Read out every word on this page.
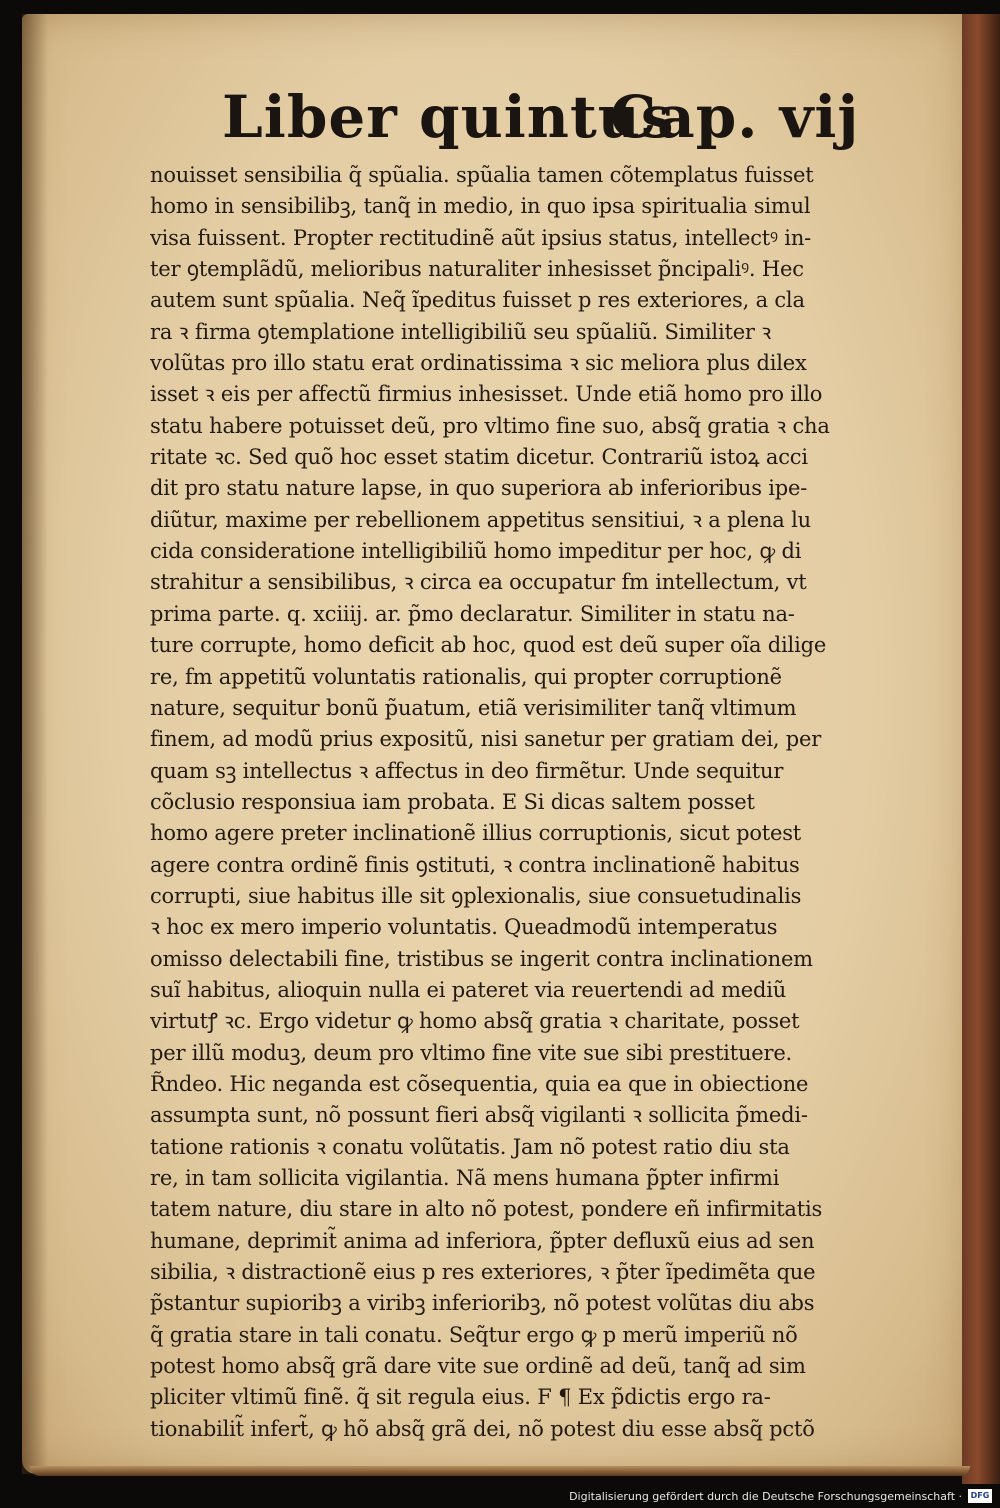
Liber quintus
Cap. vij
nouisset sensibilia q̃ spũalia. spũalia tamen cõtemplatus fuisset
homo in sensibilibꝫ, tanq̃ in medio, in quo ipsa spiritualia simul
visa fuissent. Propter rectitudinẽ aũt ipsius status, intellectꝰ in‑
ter ꝯtemplãdũ, melioribus naturaliter inhesisset p̃ncipaliꝰ. Hec
autem sunt spũalia. Neq̃ ĩpeditus fuisset p res exteriores, a cla
ra ꝛ firma ꝯtemplatione intelligibiliũ seu spũaliũ. Similiter ꝛ
volũtas pro illo statu erat ordinatissima ꝛ sic meliora plus dilex
isset ꝛ eis per affectũ firmius inhesisset. Unde etiã homo pro illo
statu habere potuisset deũ, pro vltimo fine suo, absq̃ gratia ꝛ cha
ritate ꝛc. Sed quõ hoc esset statim dicetur. Contrariũ istoꝝ acci
dit pro statu nature lapse, in quo superiora ab inferioribus ipe‑
diũtur, maxime per rebellionem appetitus sensitiui, ꝛ a plena lu
cida consideratione intelligibiliũ homo impeditur per hoc, ꝙ di
strahitur a sensibilibus, ꝛ circa ea occupatur fm intellectum, vt
prima parte. q. xciiij. ar. p̃mo declaratur. Similiter in statu na‑
ture corrupte, homo deficit ab hoc, quod est deũ super oĩa dilige
re, fm appetitũ voluntatis rationalis, qui propter corruptionẽ
nature, sequitur bonũ p̃uatum, etiã verisimiliter tanq̃ vltimum
finem, ad modũ prius expositũ, nisi sanetur per gratiam dei, per
quam sꝫ intellectus ꝛ affectus in deo firmẽtur. Unde sequitur
cõclusio responsiua iam probata. E Si dicas saltem posset
homo agere preter inclinationẽ illius corruptionis, sicut potest
agere contra ordinẽ finis ꝯstituti, ꝛ contra inclinationẽ habitus
corrupti, siue habitus ille sit ꝯplexionalis, siue consuetudinalis
ꝛ hoc ex mero imperio voluntatis. Queadmodũ intemperatus
omisso delectabili fine, tristibus se ingerit contra inclinationem
suĩ habitus, alioquin nulla ei pateret via reuertendi ad mediũ
virtutꝭ ꝛc. Ergo videtur ꝙ homo absq̃ gratia ꝛ charitate, posset
per illũ moduꝫ, deum pro vltimo fine vite sue sibi prestituere.
R̃ndeo. Hic neganda est cõsequentia, quia ea que in obiectione
assumpta sunt, nõ possunt fieri absq̃ vigilanti ꝛ sollicita p̃medi‑
tatione rationis ꝛ conatu volũtatis. Jam nõ potest ratio diu sta
re, in tam sollicita vigilantia. Nã mens humana p̃pter infirmi
tatem nature, diu stare in alto nõ potest, pondere eñ infirmitatis
humane, deprimit̃ anima ad inferiora, p̃pter defluxũ eius ad sen
sibilia, ꝛ distractionẽ eius p res exteriores, ꝛ p̃ter ĩpedimẽta que
p̃stantur supioribꝫ a viribꝫ inferioribꝫ, nõ potest volũtas diu abs
q̃ gratia stare in tali conatu. Seq̃tur ergo ꝙ p merũ imperiũ nõ
potest homo absq̃ grã dare vite sue ordinẽ ad deũ, tanq̃ ad sim
pliciter vltimũ finẽ. q̃ sit regula eius. F ¶ Ex p̃dictis ergo ra‑
tionabilit̃ infert̃, ꝙ hõ absq̃ grã dei, nõ potest diu esse absq̃ pctõ
Digitalisierung gefördert durch die Deutsche Forschungsgemeinschaft ·	DFG
